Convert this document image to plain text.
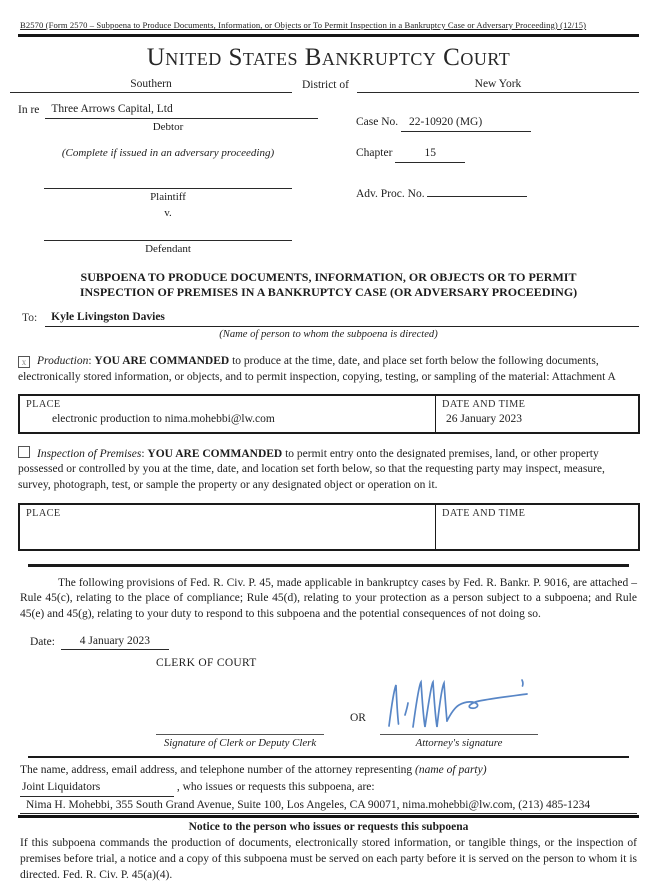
B2570 (Form 2570 – Subpoena to Produce Documents, Information, or Objects or To Permit Inspection in a Bankruptcy Case or Adversary Proceeding) (12/15)
United States Bankruptcy Court
Southern	District of	New York
In re	Three Arrows Capital, Ltd
Debtor
(Complete if issued in an adversary proceeding)
Plaintiff
v.
Defendant
Case No. 22-10920 (MG)
Chapter	15
Adv. Proc. No.
SUBPOENA TO PRODUCE DOCUMENTS, INFORMATION, OR OBJECTS OR TO PERMIT
INSPECTION OF PREMISES IN A BANKRUPTCY CASE (OR ADVERSARY PROCEEDING)
To:	Kyle Livingston Davies
(Name of person to whom the subpoena is directed)

x Production: YOU ARE COMMANDED to produce at the time, date, and place set forth below the following documents, electronically stored information, or objects, and to permit inspection, copying, testing, or sampling of the material: Attachment A

PLACE
electronic production to nima.mohebbi@lw.com

DATE AND TIME
26 January 2023

Inspection of Premises: YOU ARE COMMANDED to permit entry onto the designated premises, land, or other property possessed or controlled by you at the time, date, and location set forth below, so that the requesting party may inspect, measure, survey, photograph, test, or sample the property or any designated object or operation on it.

PLACE	DATE AND TIME

The following provisions of Fed. R. Civ. P. 45, made applicable in bankruptcy cases by Fed. R. Bankr. P. 9016, are attached – Rule 45(c), relating to the place of compliance; Rule 45(d), relating to your protection as a person subject to a subpoena; and Rule 45(e) and 45(g), relating to your duty to respond to this subpoena and the potential consequences of not doing so.

Date:	4 January 2023
CLERK OF COURT
Signature of Clerk or Deputy Clerk
OR
Attorney's signature
The name, address, email address, and telephone number of the attorney representing (name of party)
Joint Liquidators	, who issues or requests this subpoena, are:
Nima H. Mohebbi, 355 South Grand Avenue, Suite 100, Los Angeles, CA 90071, nima.mohebbi@lw.com, (213) 485-1234
Notice to the person who issues or requests this subpoena

If this subpoena commands the production of documents, electronically stored information, or tangible things, or the inspection of premises before trial, a notice and a copy of this subpoena must be served on each party before it is served on the person to whom it is directed. Fed. R. Civ. P. 45(a)(4).
